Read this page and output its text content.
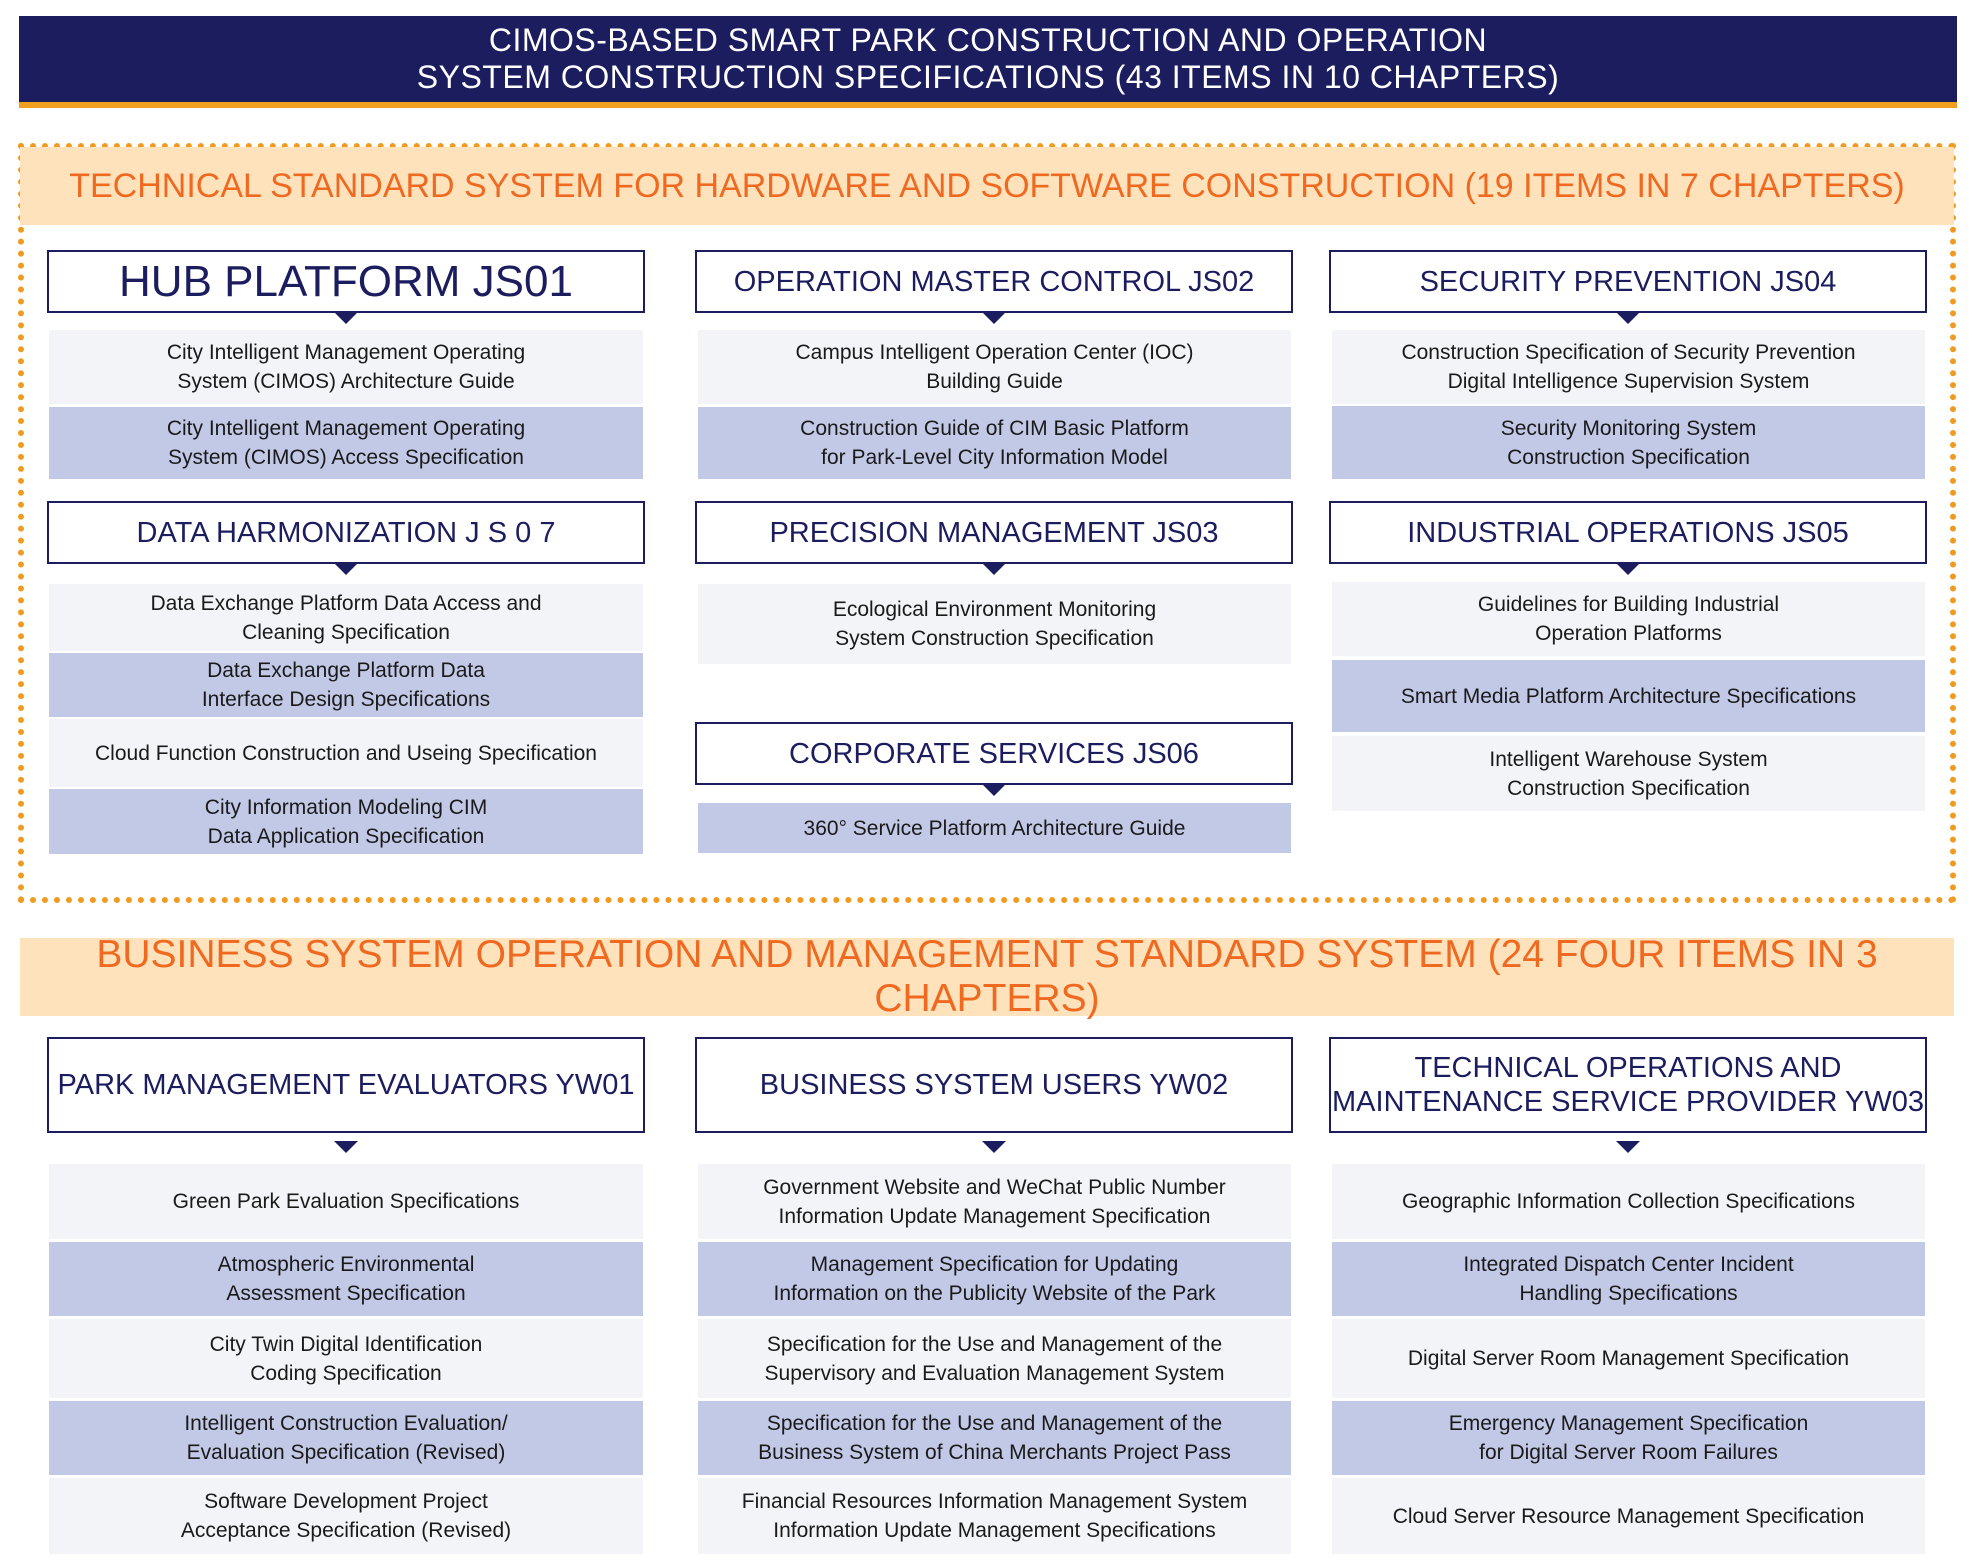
CIMOS-BASED SMART PARK CONSTRUCTION AND OPERATION
SYSTEM CONSTRUCTION SPECIFICATIONS (43 ITEMS IN 10 CHAPTERS)
TECHNICAL STANDARD SYSTEM FOR HARDWARE AND SOFTWARE CONSTRUCTION (19 ITEMS IN 7 CHAPTERS)
HUB PLATFORM JS01
City Intelligent Management Operating
System (CIMOS) Architecture Guide
City Intelligent Management Operating
System (CIMOS) Access Specification
DATA HARMONIZATION J S 0 7
Data Exchange Platform Data Access and
Cleaning Specification
Data Exchange Platform Data
Interface Design Specifications
Cloud Function Construction and Useing Specification
City Information Modeling CIM
Data Application Specification
OPERATION MASTER CONTROL JS02
Campus Intelligent Operation Center (IOC)
Building Guide
Construction Guide of CIM Basic Platform
for Park-Level City Information Model
PRECISION MANAGEMENT JS03
Ecological Environment Monitoring
System Construction Specification
CORPORATE SERVICES JS06
360° Service Platform Architecture Guide
SECURITY PREVENTION JS04
Construction Specification of Security Prevention
Digital Intelligence Supervision System
Security Monitoring System
Construction Specification
INDUSTRIAL OPERATIONS JS05
Guidelines for Building Industrial
Operation Platforms
Smart Media Platform Architecture Specifications
Intelligent Warehouse System
Construction Specification
BUSINESS SYSTEM OPERATION AND MANAGEMENT STANDARD SYSTEM (24 FOUR ITEMS IN 3 CHAPTERS)
PARK MANAGEMENT EVALUATORS YW01
Green Park Evaluation Specifications
Atmospheric Environmental
Assessment Specification
City Twin Digital Identification
Coding Specification
Intelligent Construction Evaluation/
Evaluation Specification (Revised)
Software Development Project
Acceptance Specification (Revised)
BUSINESS SYSTEM USERS YW02
Government Website and WeChat Public Number
Information Update Management Specification
Management Specification for Updating
Information on the Publicity Website of the Park
Specification for the Use and Management of the
Supervisory and Evaluation Management System
Specification for the Use and Management of the
Business System of China Merchants Project Pass
Financial Resources Information Management System
Information Update Management Specifications
TECHNICAL OPERATIONS AND
MAINTENANCE SERVICE PROVIDER YW03
Geographic Information Collection Specifications
Integrated Dispatch Center Incident
Handling Specifications
Digital Server Room Management Specification
Emergency Management Specification
for Digital Server Room Failures
Cloud Server Resource Management Specification
